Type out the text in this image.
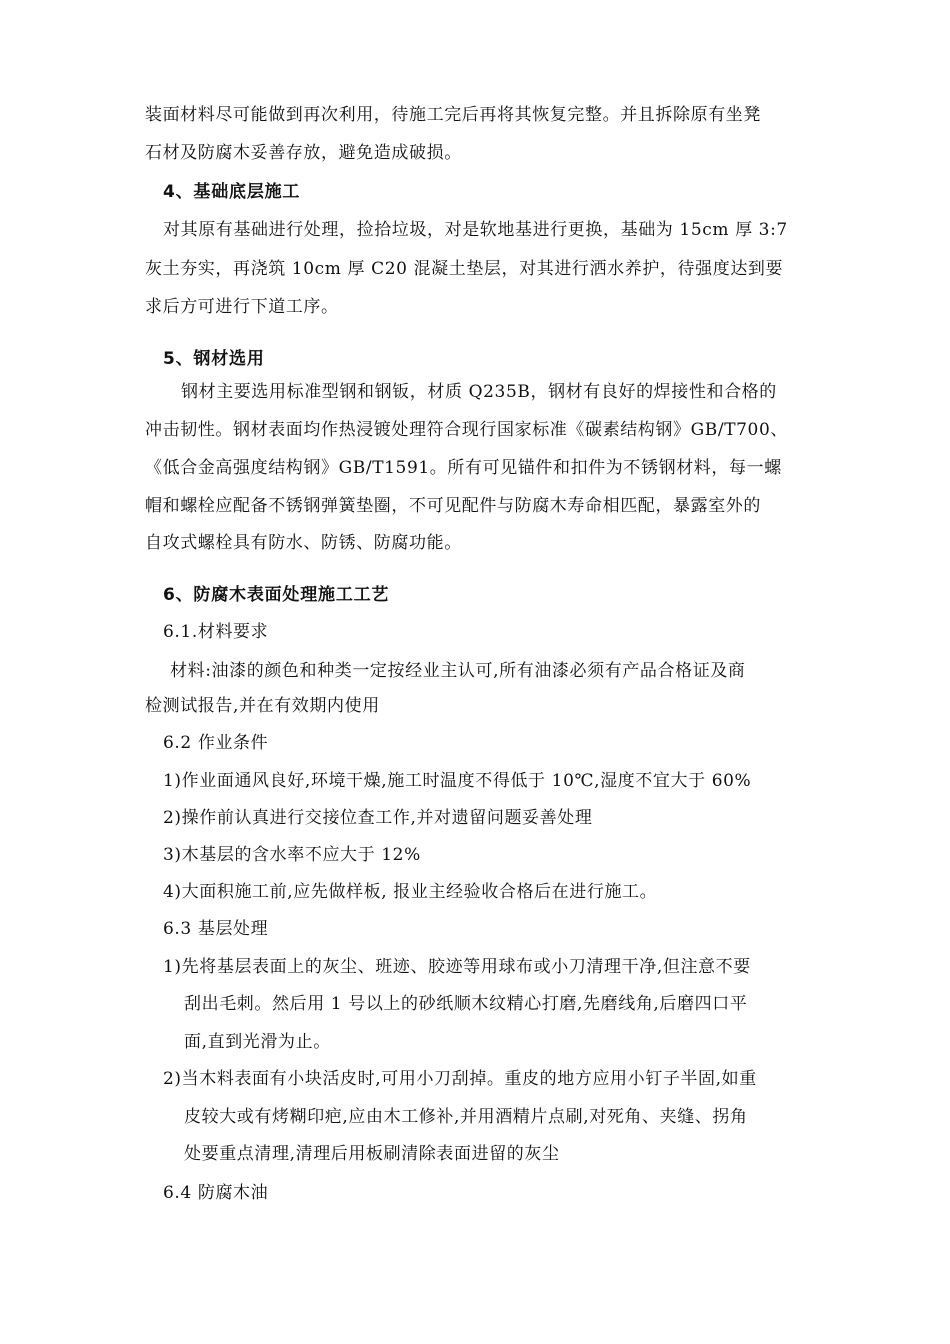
装面材料尽可能做到再次利用，待施工完后再将其恢复完整。并且拆除原有坐凳
石材及防腐木妥善存放，避免造成破损。
4、基础底层施工
对其原有基础进行处理，捡拾垃圾，对是软地基进行更换，基础为 15cm 厚 3:7
灰土夯实，再浇筑 10cm 厚 C20 混凝土垫层，对其进行洒水养护，待强度达到要
求后方可进行下道工序。
5、钢材选用
钢材主要选用标准型钢和钢钣，材质 Q235B，钢材有良好的焊接性和合格的
冲击韧性。钢材表面均作热浸镀处理符合现行国家标准《碳素结构钢》GB/T700、
《低合金高强度结构钢》GB/T1591。所有可见锚件和扣件为不锈钢材料，每一螺
帽和螺栓应配备不锈钢弹簧垫圈，不可见配件与防腐木寿命相匹配，暴露室外的
自攻式螺栓具有防水、防锈、防腐功能。
6、防腐木表面处理施工工艺
6.1.材料要求
材料:油漆的颜色和种类一定按经业主认可,所有油漆必须有产品合格证及商
检测试报告,并在有效期内使用
6.2 作业条件
1)作业面通风良好,环境干燥,施工时温度不得低于 10℃,湿度不宜大于 60%
2)操作前认真进行交接位查工作,并对遗留问题妥善处理
3)木基层的含水率不应大于 12%
4)大面积施工前,应先做样板, 报业主经验收合格后在进行施工。
6.3 基层处理
1)先将基层表面上的灰尘、班迹、胶迹等用球布或小刀清理干净,但注意不要
刮出毛刺。然后用 1 号以上的砂纸顺木纹精心打磨,先磨线角,后磨四口平
面,直到光滑为止。
2)当木料表面有小块活皮时,可用小刀刮掉。重皮的地方应用小钉子半固,如重
皮较大或有烤糊印疤,应由木工修补,并用酒精片点刷,对死角、夹缝、拐角
处要重点清理,清理后用板刷清除表面进留的灰尘
6.4 防腐木油
